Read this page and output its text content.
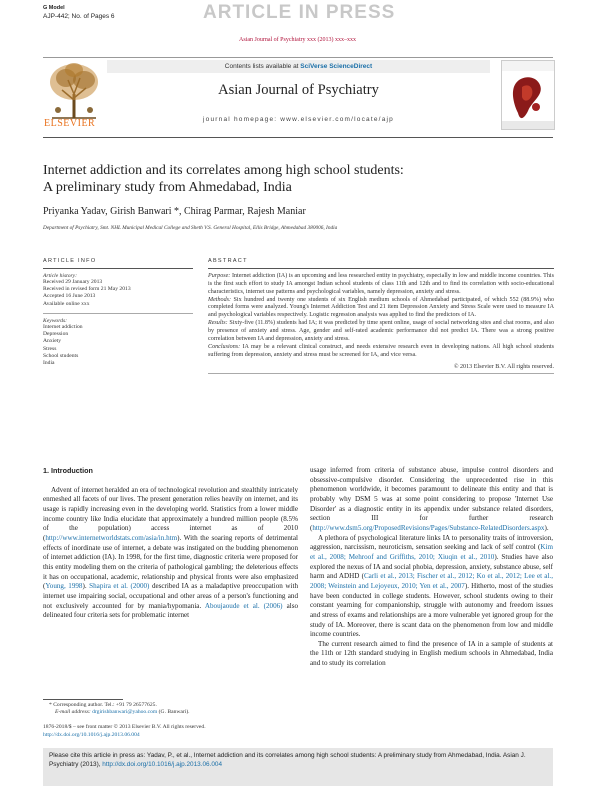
G Model
AJP-442; No. of Pages 6	ARTICLE IN PRESS
Asian Journal of Psychiatry xxx (2013) xxx–xxx
ELSEVIER
Contents lists available at SciVerse ScienceDirect
Asian Journal of Psychiatry
journal homepage: www.elsevier.com/locate/ajp
Internet addiction and its correlates among high school students:
A preliminary study from Ahmedabad, India
Priyanka Yadav, Girish Banwari *, Chirag Parmar, Rajesh Maniar
Department of Psychiatry, Smt. NHL Municipal Medical College and Sheth V.S. General Hospital, Ellis Bridge, Ahmedabad 380006, India
ARTICLE INFO
Article history:
Received 29 January 2013
Received in revised form 21 May 2013
Accepted 16 June 2013
Available online xxx
Keywords:
Internet addiction
Depression
Anxiety
Stress
School students
India
ABSTRACT

Purpose: Internet addiction (IA) is an upcoming and less researched entity in psychiatry, especially in low and middle income countries. This is the first such effort to study IA amongst Indian school students of class 11th and 12th and to find its correlation with socio-educational characteristics, internet use patterns and psychological variables, namely depression, anxiety and stress.

Methods: Six hundred and twenty one students of six English medium schools of Ahmedabad participated, of which 552 (88.9%) who completed forms were analyzed. Young's Internet Addiction Test and 21 item Depression Anxiety and Stress Scale were used to measure IA and psychological variables respectively. Logistic regression analysis was applied to find the predictors of IA.

Results: Sixty-five (11.8%) students had IA; it was predicted by time spent online, usage of social networking sites and chat rooms, and also by presence of anxiety and stress. Age, gender and self-rated academic performance did not predict IA. There was a strong positive correlation between IA and depression, anxiety and stress.

Conclusions: IA may be a relevant clinical construct, and needs extensive research even in developing nations. All high school students suffering from depression, anxiety and stress must be screened for IA, and vice versa.

© 2013 Elsevier B.V. All rights reserved.
1. Introduction

Advent of internet heralded an era of technological revolution and stealthily intricately enmeshed all facets of our lives. The present generation relies heavily on internet, and its usage is rapidly increasing even in the developing world. Statistics from a lower middle income country like India elucidate that approximately a hundred million people (8.5% of the population) access internet as of 2010 (http://www.internetworldstats.com/asia/in.htm). With the soaring reports of detrimental effects of inordinate use of internet, a debate was instigated on the budding phenomenon of internet addiction (IA). In 1998, for the first time, diagnostic criteria were proposed for this entity modeling them on the criteria of pathological gambling; the deleterious effects it has on occupational, academic, relationship and physical fronts were also emphasized (Young, 1998). Shapira et al. (2000) described IA as a maladaptive preoccupation with internet use impairing social, occupational and other areas of a person's functioning and not exclusively accounted for by mania/hypomania. Aboujaoude et al. (2006) also delineated four criteria sets for problematic internet

usage inferred from criteria of substance abuse, impulse control disorders and obsessive-compulsive disorder. Considering the unprecedented rise in this phenomenon worldwide, it becomes paramount to delineate this entity and that is probably why DSM 5 was at some point considering to propose 'Internet Use Disorder' as a diagnostic entity in its appendix under substance related disorders, section III for further research (http://www.dsm5.org/ProposedRevisions/Pages/Substance-RelatedDisorders.aspx).

A plethora of psychological literature links IA to personality traits of introversion, aggression, narcissism, neuroticism, sensation seeking and lack of self control (Kim et al., 2008; Mehroof and Griffiths, 2010; Xiuqin et al., 2010). Studies have also explored the nexus of IA and social phobia, depression, anxiety, substance abuse, self harm and ADHD (Carli et al., 2013; Fischer et al., 2012; Ko et al., 2012; Lee et al., 2008; Weinstein and Lejoyeux, 2010; Yen et al., 2007). Hitherto, most of the studies have been conducted in college students. However, school students owing to their constant yearning for companionship, struggle with autonomy and freedom issues and stress of exams and relationships are a more vulnerable yet ignored group for the study of IA. Moreover, there is scant data on the phenomenon from low and middle income countries.

The current research aimed to find the presence of IA in a sample of students at the 11th or 12th standard studying in English medium schools in Ahmedabad, India and to study its correlation

* Corresponding author. Tel.: +91 79 26577625.
E-mail address: drgirishbanwari@yahoo.com (G. Banwari).
1876-2018/$ – see front matter © 2013 Elsevier B.V. All rights reserved.
http://dx.doi.org/10.1016/j.ajp.2013.06.004
Please cite this article in press as: Yadav, P., et al., Internet addiction and its correlates among high school students: A preliminary study from Ahmedabad, India. Asian J. Psychiatry (2013), http://dx.doi.org/10.1016/j.ajp.2013.06.004
